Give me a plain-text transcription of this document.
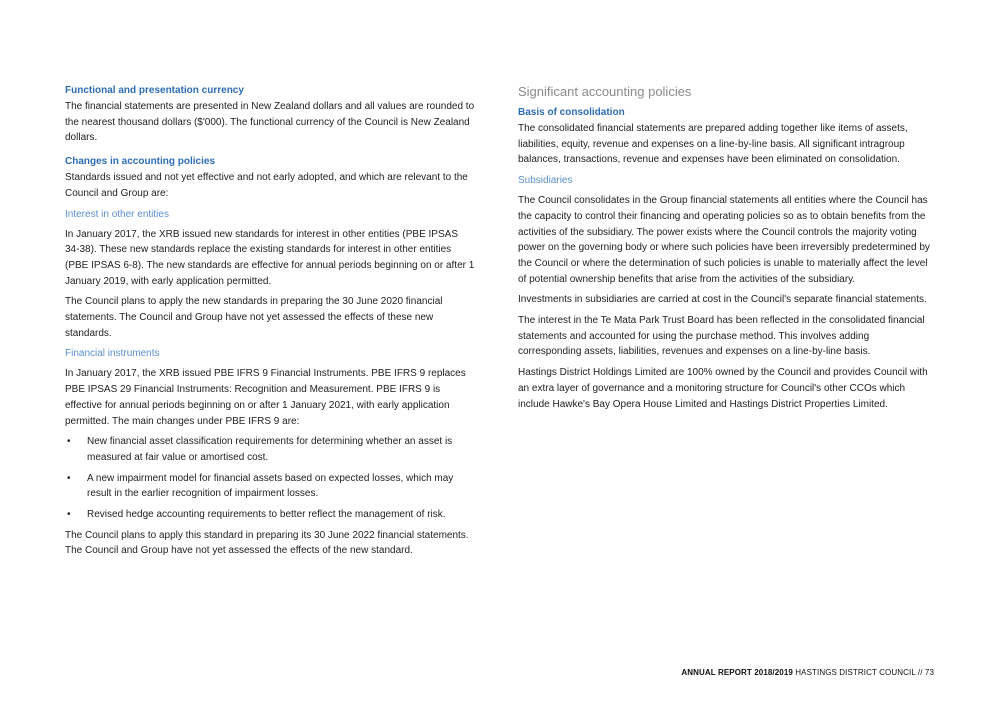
Functional and presentation currency

The financial statements are presented in New Zealand dollars and all values are rounded to the nearest thousand dollars ($'000). The functional currency of the Council is New Zealand dollars.

Changes in accounting policies

Standards issued and not yet effective and not early adopted, and which are relevant to the Council and Group are:

Interest in other entities

In January 2017, the XRB issued new standards for interest in other entities (PBE IPSAS 34-38). These new standards replace the existing standards for interest in other entities (PBE IPSAS 6-8). The new standards are effective for annual periods beginning on or after 1 January 2019, with early application permitted.

The Council plans to apply the new standards in preparing the 30 June 2020 financial statements. The Council and Group have not yet assessed the effects of these new standards.

Financial instruments

In January 2017, the XRB issued PBE IFRS 9 Financial Instruments. PBE IFRS 9 replaces PBE IPSAS 29 Financial Instruments: Recognition and Measurement. PBE IFRS 9 is effective for annual periods beginning on or after 1 January 2021, with early application permitted. The main changes under PBE IFRS 9 are:

• New financial asset classification requirements for determining whether an asset is measured at fair value or amortised cost.
• A new impairment model for financial assets based on expected losses, which may result in the earlier recognition of impairment losses.
• Revised hedge accounting requirements to better reflect the management of risk.

The Council plans to apply this standard in preparing its 30 June 2022 financial statements. The Council and Group have not yet assessed the effects of the new standard.

Significant accounting policies
Basis of consolidation

The consolidated financial statements are prepared adding together like items of assets, liabilities, equity, revenue and expenses on a line-by-line basis. All significant intragroup balances, transactions, revenue and expenses have been eliminated on consolidation.

Subsidiaries

The Council consolidates in the Group financial statements all entities where the Council has the capacity to control their financing and operating policies so as to obtain benefits from the activities of the subsidiary. The power exists where the Council controls the majority voting power on the governing body or where such policies have been irreversibly predetermined by the Council or where the determination of such policies is unable to materially affect the level of potential ownership benefits that arise from the activities of the subsidiary.

Investments in subsidiaries are carried at cost in the Council's separate financial statements.

The interest in the Te Mata Park Trust Board has been reflected in the consolidated financial statements and accounted for using the purchase method. This involves adding corresponding assets, liabilities, revenues and expenses on a line-by-line basis.

Hastings District Holdings Limited are 100% owned by the Council and provides Council with an extra layer of governance and a monitoring structure for Council's other CCOs which include Hawke's Bay Opera House Limited and Hastings District Properties Limited.

ANNUAL REPORT 2018/2019 HASTINGS DISTRICT COUNCIL // 73
